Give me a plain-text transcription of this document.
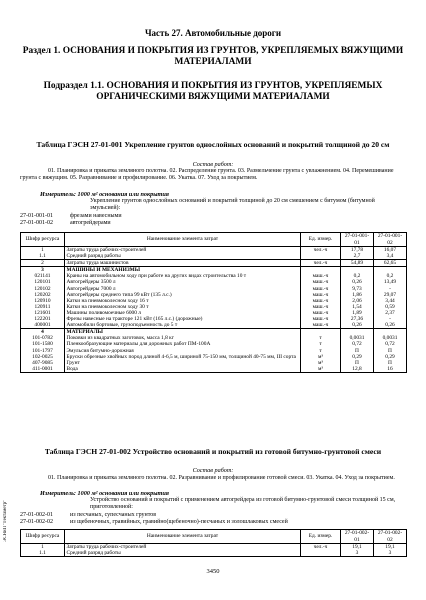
Часть 27. Автомобильные дороги
Раздел 1. ОСНОВАНИЯ И ПОКРЫТИЯ ИЗ ГРУНТОВ, УКРЕПЛЯЕМЫХ ВЯЖУЩИМИ МАТЕРИАЛАМИ
Подраздел 1.1. ОСНОВАНИЯ И ПОКРЫТИЯ ИЗ ГРУНТОВ, УКРЕПЛЯЕМЫХ ОРГАНИЧЕСКИМИ ВЯЖУЩИМИ МАТЕРИАЛАМИ
Таблица ГЭСН 27-01-001 Укрепление грунтов однослойных оснований и покрытий толщиной до 20 см
Состав работ:
01. Планировка и прикатка земляного полотна. 02. Распределение грунта. 03. Размельчение грунта с увлажнением. 04. Перемешивание грунта с вяжущим. 05. Разравнивание и профилирование. 06. Укатка. 07. Уход за покрытием.
Измеритель: 1000 м² основания или покрытия
Укрепление грунтов однослойных оснований и покрытий толщиной до 20 см смешением с битумом (битумной эмульсией):
27-01-001-01	фрезами навесными
27-01-001-02	автогрейдерами
Шифр ресурса	Наименование элемента затрат	Ед. измер.	27-01-001-01	27-01-001-02
1	Затраты труда рабочих-строителей	чел.-ч	17,78	16,07
1.1	Средний разряд работы		2,7	3,4
2	Затраты труда машинистов	чел.-ч	54,89	62,65
3	МАШИНЫ И МЕХАНИЗМЫ			
021141	Краны на автомобильном ходу при работе на других видах строительства 10 т	маш.-ч	0,2	0,2
120101	Автогрейдеры 3500 л	маш.-ч	0,26	13,49
120102	Автогрейдеры 7000 л	маш.-ч	9,73	-
120202	Автогрейдеры среднего типа 99 кВт (135 л.с.)	маш.-ч	1,86	29,07
120910	Катки на пневмоколесном ходу 16 т	маш.-ч	2,06	3,44
120911	Катки на пневмоколесном ходу 30 т	маш.-ч	1,54	0,59
121601	Машины поливомоечные 6000 л	маш.-ч	1,89	2,37
122201	Фрезы навесные на тракторе 121 кВт (165 л.с.) (дорожные)	маш.-ч	27,36	-
400001	Автомобили бортовые, грузоподъемность до 5 т	маш.-ч	0,26	0,26
4	МАТЕРИАЛЫ			
101-0782	Поковки из квадратных заготовок, масса 1,8 кг	т	0,0031	0,0031
101-1580	Пленкообразующие материалы для дорожных работ ПМ-100А	т	0,72	0,72
101-1797	Эмульсия битумно-дорожная	т	П	П
102-0025	Бруски обрезные хвойных пород длиной 4-6,5 м, шириной 75-150 мм, толщиной 40-75 мм, III сорта	м³	0,29	0,29
407-9085	Грунт	м³	П	П
411-0001	Вода	м³	12,8	16
Таблица ГЭСН 27-01-002 Устройство оснований и покрытий из готовой битумно-грунтовой смеси
Состав работ:
01. Планировка и прикатка земляного полотна. 02. Разравнивание и профилирование готовой смеси. 03. Укатка. 04. Уход за покрытием.
Измеритель: 1000 м² основания или покрытия
Устройство оснований и покрытий с применением автогрейдера из готовой битумно-грунтовой смеси толщиной 15 см, приготовленной:
27-01-002-01	из песчаных, супесчаных грунтов
27-01-002-02	из щебеночных, гравийных, гравийно(щебеночно)-песчаных и золошлаковых смесей
Шифр ресурса	Наименование элемента затрат	Ед. измер.	27-01-002-01	27-01-002-02
1	Затраты труда рабочих-строителей	чел.-ч	19,1	19,1
1.1	Средний разряд работы		3	3
ЭСНиП "Гектаметр"
3450
